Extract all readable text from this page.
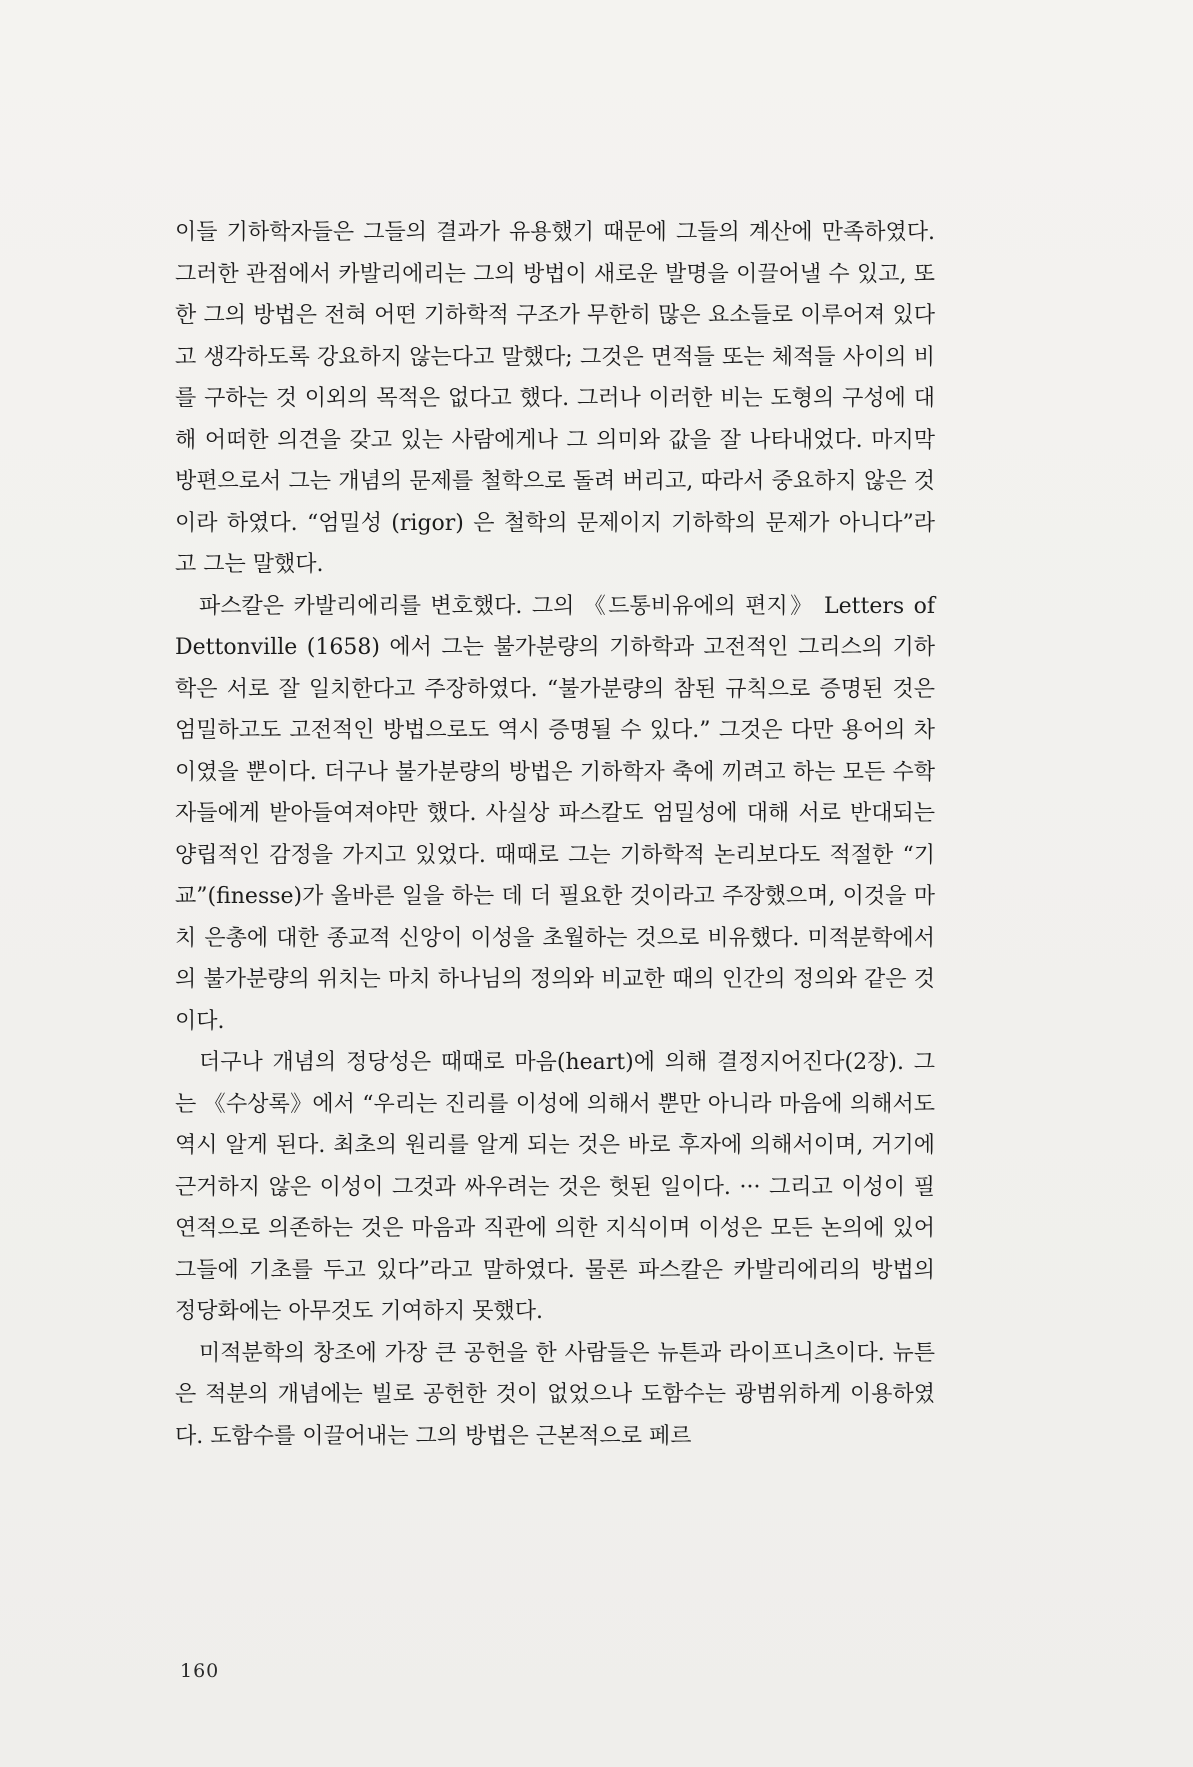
이들 기하학자들은 그들의 결과가 유용했기 때문에 그들의 계산에 만족하였다. 그러한 관점에서 카발리에리는 그의 방법이 새로운 발명을 이끌어낼 수 있고, 또한 그의 방법은 전혀 어떤 기하학적 구조가 무한히 많은 요소들로 이루어져 있다고 생각하도록 강요하지 않는다고 말했다; 그것은 면적들 또는 체적들 사이의 비를 구하는 것 이외의 목적은 없다고 했다. 그러나 이러한 비는 도형의 구성에 대해 어떠한 의견을 갖고 있는 사람에게나 그 의미와 값을 잘 나타내었다. 마지막 방편으로서 그는 개념의 문제를 철학으로 돌려 버리고, 따라서 중요하지 않은 것이라 하였다. “엄밀성 (rigor) 은 철학의 문제이지 기하학의 문제가 아니다”라고 그는 말했다.

파스칼은 카발리에리를 변호했다. 그의 《드통비유에의 편지》 Letters of Dettonville (1658) 에서 그는 불가분량의 기하학과 고전적인 그리스의 기하학은 서로 잘 일치한다고 주장하였다. “불가분량의 참된 규칙으로 증명된 것은 엄밀하고도 고전적인 방법으로도 역시 증명될 수 있다.” 그것은 다만 용어의 차이였을 뿐이다. 더구나 불가분량의 방법은 기하학자 축에 끼려고 하는 모든 수학자들에게 받아들여져야만 했다. 사실상 파스칼도 엄밀성에 대해 서로 반대되는 양립적인 감정을 가지고 있었다. 때때로 그는 기하학적 논리보다도 적절한 “기교”(finesse)가 올바른 일을 하는 데 더 필요한 것이라고 주장했으며, 이것을 마치 은총에 대한 종교적 신앙이 이성을 초월하는 것으로 비유했다. 미적분학에서의 불가분량의 위치는 마치 하나님의 정의와 비교한 때의 인간의 정의와 같은 것이다.

더구나 개념의 정당성은 때때로 마음(heart)에 의해 결정지어진다(2장). 그는 《수상록》에서 “우리는 진리를 이성에 의해서 뿐만 아니라 마음에 의해서도 역시 알게 된다. 최초의 원리를 알게 되는 것은 바로 후자에 의해서이며, 거기에 근거하지 않은 이성이 그것과 싸우려는 것은 헛된 일이다. ··· 그리고 이성이 필연적으로 의존하는 것은 마음과 직관에 의한 지식이며 이성은 모든 논의에 있어 그들에 기초를 두고 있다”라고 말하였다. 물론 파스칼은 카발리에리의 방법의 정당화에는 아무것도 기여하지 못했다.

미적분학의 창조에 가장 큰 공헌을 한 사람들은 뉴튼과 라이프니츠이다. 뉴튼은 적분의 개념에는 빌로 공헌한 것이 없었으나 도함수는 광범위하게 이용하였다. 도함수를 이끌어내는 그의 방법은 근본적으로 페르

160
